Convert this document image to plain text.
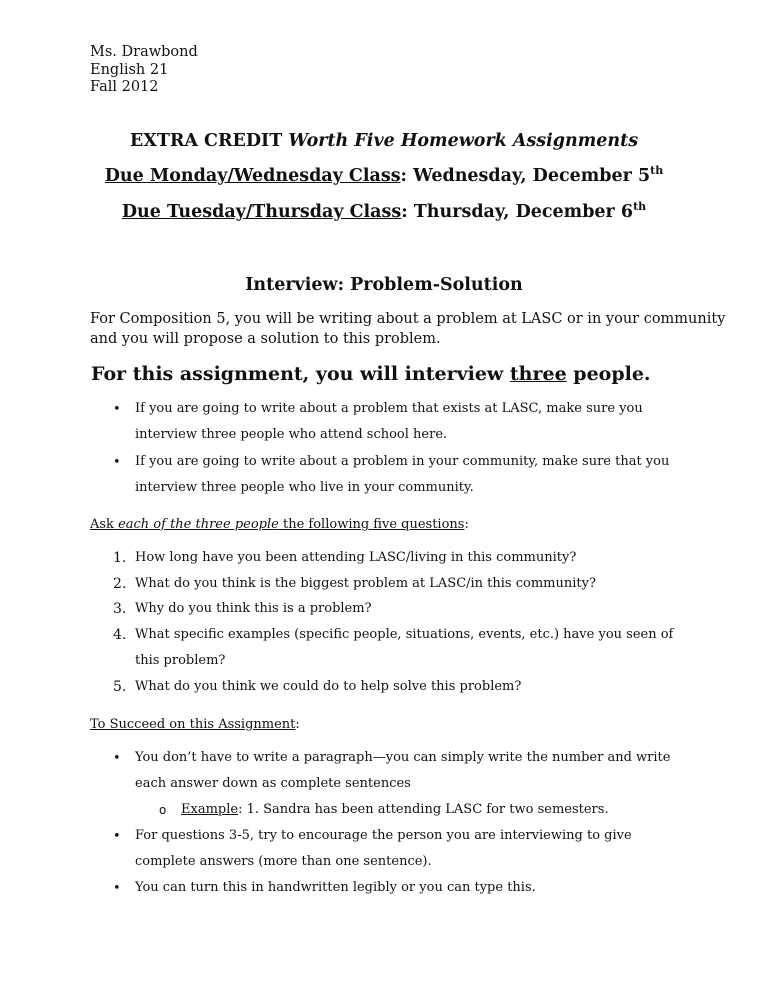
Ms. Drawbond
English 21
Fall 2012
EXTRA CREDIT Worth Five Homework Assignments
Due Monday/Wednesday Class: Wednesday, December 5th
Due Tuesday/Thursday Class: Thursday, December 6th
Interview: Problem-Solution
For Composition 5, you will be writing about a problem at LASC or in your community
and you will propose a solution to this problem.
For this assignment, you will interview three people.
• If you are going to write about a problem that exists at LASC, make sure you
interview three people who attend school here.
• If you are going to write about a problem in your community, make sure that you
interview three people who live in your community.
Ask each of the three people the following five questions:
1. How long have you been attending LASC/living in this community?
2. What do you think is the biggest problem at LASC/in this community?
3. Why do you think this is a problem?
4. What specific examples (specific people, situations, events, etc.) have you seen of
this problem?
5. What do you think we could do to help solve this problem?
To Succeed on this Assignment:
• You don’t have to write a paragraph—you can simply write the number and write
each answer down as complete sentences
o Example: 1. Sandra has been attending LASC for two semesters.
• For questions 3-5, try to encourage the person you are interviewing to give
complete answers (more than one sentence).
• You can turn this in handwritten legibly or you can type this.
